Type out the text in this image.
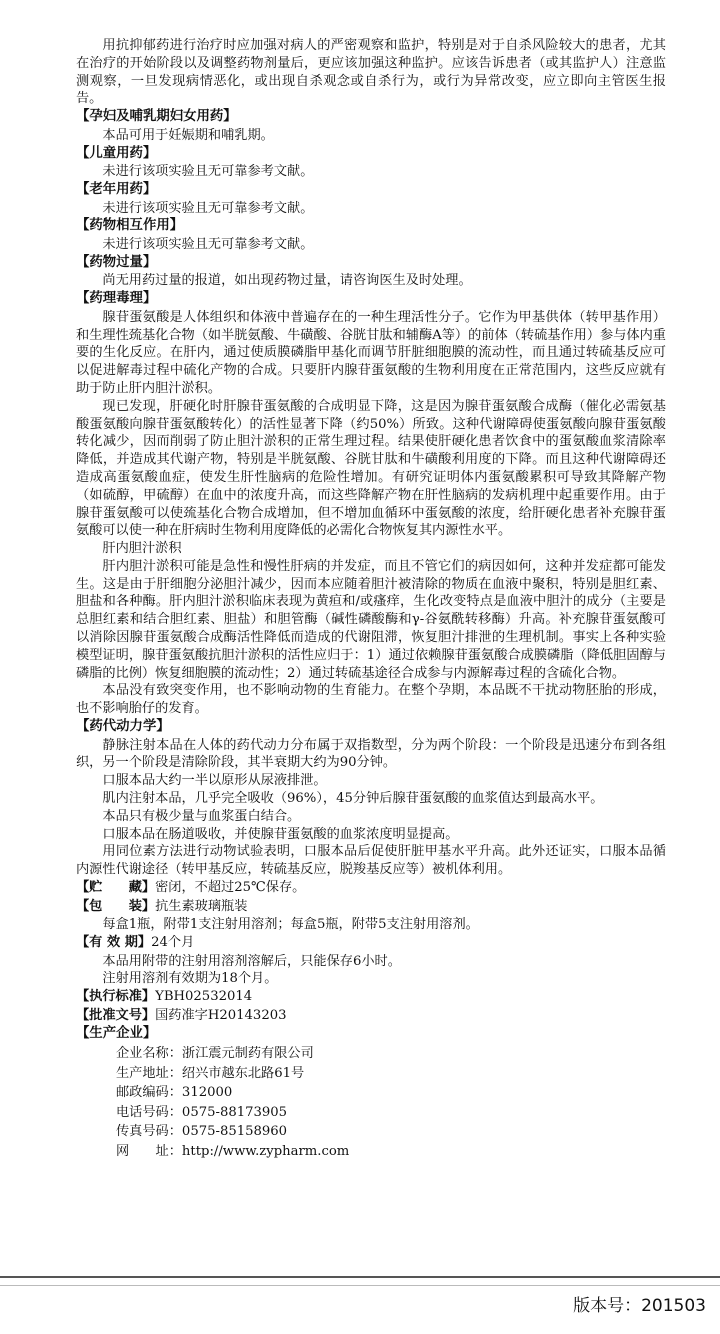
用抗抑郁药进行治疗时应加强对病人的严密观察和监护，特别是对于自杀风险较大的患者，尤其在治疗的开始阶段以及调整药物剂量后，更应该加强这种监护。应该告诉患者（或其监护人）注意监测观察，一旦发现病情恶化，或出现自杀观念或自杀行为，或行为异常改变，应立即向主管医生报告。

【孕妇及哺乳期妇女用药】

本品可用于妊娠期和哺乳期。

【儿童用药】

未进行该项实验且无可靠参考文献。

【老年用药】

未进行该项实验且无可靠参考文献。

【药物相互作用】

未进行该项实验且无可靠参考文献。

【药物过量】

尚无用药过量的报道，如出现药物过量，请咨询医生及时处理。

【药理毒理】

腺苷蛋氨酸是人体组织和体液中普遍存在的一种生理活性分子。它作为甲基供体（转甲基作用）和生理性巯基化合物（如半胱氨酸、牛磺酸、谷胱甘肽和辅酶A等）的前体（转硫基作用）参与体内重要的生化反应。在肝内，通过使质膜磷脂甲基化而调节肝脏细胞膜的流动性，而且通过转硫基反应可以促进解毒过程中硫化产物的合成。只要肝内腺苷蛋氨酸的生物利用度在正常范围内，这些反应就有助于防止肝内胆汁淤积。

现已发现，肝硬化时肝腺苷蛋氨酸的合成明显下降，这是因为腺苷蛋氨酸合成酶（催化必需氨基酸蛋氨酸向腺苷蛋氨酸转化）的活性显著下降（约50%）所致。这种代谢障碍使蛋氨酸向腺苷蛋氨酸转化减少，因而削弱了防止胆汁淤积的正常生理过程。结果使肝硬化患者饮食中的蛋氨酸血浆清除率降低，并造成其代谢产物，特别是半胱氨酸、谷胱甘肽和牛磺酸利用度的下降。而且这种代谢障碍还造成高蛋氨酸血症，使发生肝性脑病的危险性增加。有研究证明体内蛋氨酸累积可导致其降解产物（如硫醇，甲硫醇）在血中的浓度升高，而这些降解产物在肝性脑病的发病机理中起重要作用。由于腺苷蛋氨酸可以使巯基化合物合成增加，但不增加血循环中蛋氨酸的浓度，给肝硬化患者补充腺苷蛋氨酸可以使一种在肝病时生物利用度降低的必需化合物恢复其内源性水平。

肝内胆汁淤积

肝内胆汁淤积可能是急性和慢性肝病的并发症，而且不管它们的病因如何，这种并发症都可能发生。这是由于肝细胞分泌胆汁减少，因而本应随着胆汁被清除的物质在血液中聚积，特别是胆红素、胆盐和各种酶。肝内胆汁淤积临床表现为黄疸和/或瘙痒，生化改变特点是血液中胆汁的成分（主要是总胆红素和结合胆红素、胆盐）和胆管酶（碱性磷酸酶和γ-谷氨酰转移酶）升高。补充腺苷蛋氨酸可以消除因腺苷蛋氨酸合成酶活性降低而造成的代谢阻滞，恢复胆汁排泄的生理机制。事实上各种实验模型证明，腺苷蛋氨酸抗胆汁淤积的活性应归于：1）通过依赖腺苷蛋氨酸合成膜磷脂（降低胆固醇与磷脂的比例）恢复细胞膜的流动性；2）通过转硫基途径合成参与内源解毒过程的含硫化合物。

本品没有致突变作用，也不影响动物的生育能力。在整个孕期，本品既不干扰动物胚胎的形成，也不影响胎仔的发育。

【药代动力学】

静脉注射本品在人体的药代动力分布属于双指数型，分为两个阶段：一个阶段是迅速分布到各组织，另一个阶段是清除阶段，其半衰期大约为90分钟。

口服本品大约一半以原形从尿液排泄。

肌内注射本品，几乎完全吸收（96%），45分钟后腺苷蛋氨酸的血浆值达到最高水平。

本品只有极少量与血浆蛋白结合。

口服本品在肠道吸收，并使腺苷蛋氨酸的血浆浓度明显提高。

用同位素方法进行动物试验表明，口服本品后促使肝脏甲基水平升高。此外还证实，口服本品循内源性代谢途径（转甲基反应，转硫基反应，脱羧基反应等）被机体利用。

【贮　　藏】密闭，不超过25℃保存。
【包　　装】抗生素玻璃瓶装

每盒1瓶，附带1支注射用溶剂；每盒5瓶，附带5支注射用溶剂。

【有 效 期】24个月

本品用附带的注射用溶剂溶解后，只能保存6小时。

注射用溶剂有效期为18个月。

【执行标准】YBH02532014
【批准文号】国药准字H20143203
【生产企业】
企业名称：浙江震元制药有限公司
生产地址：绍兴市越东北路61号
邮政编码：312000
电话号码：0575-88173905
传真号码：0575-85158960
网　　址：http://www.zypharm.com
版本号：201503
